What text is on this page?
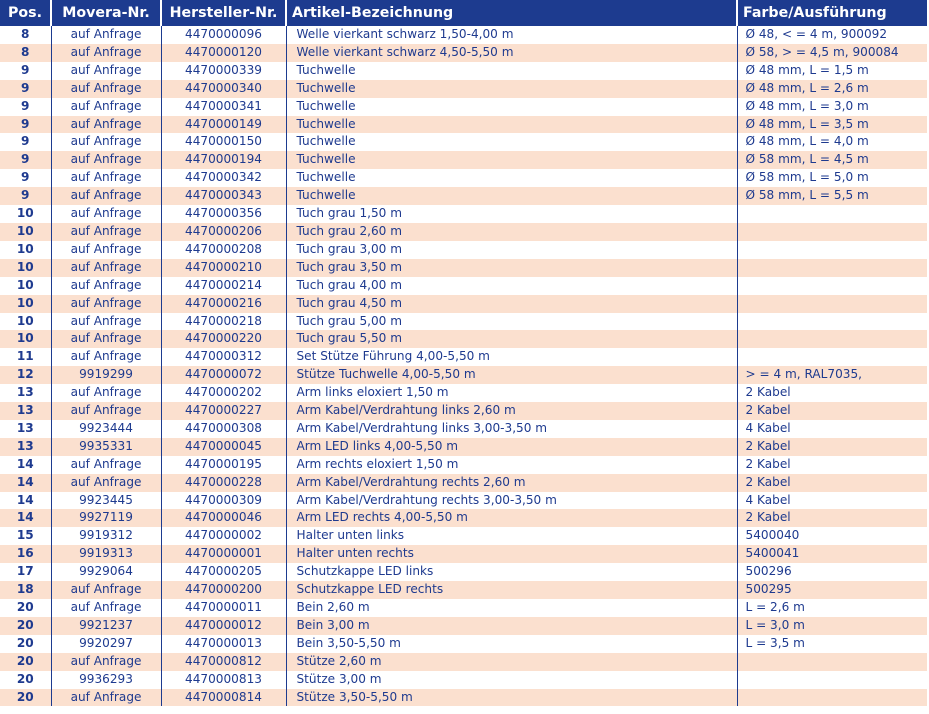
Pos.	Movera-Nr.	Hersteller-Nr.	Artikel-Bezeichnung	Farbe/Ausführung
8	auf Anfrage	4470000096	Welle vierkant schwarz 1,50-4,00 m	Ø 48, < = 4 m, 900092
8	auf Anfrage	4470000120	Welle vierkant schwarz 4,50-5,50 m	Ø 58, > = 4,5 m, 900084
9	auf Anfrage	4470000339	Tuchwelle	Ø 48 mm, L = 1,5 m
9	auf Anfrage	4470000340	Tuchwelle	Ø 48 mm, L = 2,6 m
9	auf Anfrage	4470000341	Tuchwelle	Ø 48 mm, L = 3,0 m
9	auf Anfrage	4470000149	Tuchwelle	Ø 48 mm, L = 3,5 m
9	auf Anfrage	4470000150	Tuchwelle	Ø 48 mm, L = 4,0 m
9	auf Anfrage	4470000194	Tuchwelle	Ø 58 mm, L = 4,5 m
9	auf Anfrage	4470000342	Tuchwelle	Ø 58 mm, L = 5,0 m
9	auf Anfrage	4470000343	Tuchwelle	Ø 58 mm, L = 5,5 m
10	auf Anfrage	4470000356	Tuch grau 1,50 m	
10	auf Anfrage	4470000206	Tuch grau 2,60 m	
10	auf Anfrage	4470000208	Tuch grau 3,00 m	
10	auf Anfrage	4470000210	Tuch grau 3,50 m	
10	auf Anfrage	4470000214	Tuch grau 4,00 m	
10	auf Anfrage	4470000216	Tuch grau 4,50 m	
10	auf Anfrage	4470000218	Tuch grau 5,00 m	
10	auf Anfrage	4470000220	Tuch grau 5,50 m	
11	auf Anfrage	4470000312	Set Stütze Führung 4,00-5,50 m	
12	9919299	4470000072	Stütze Tuchwelle 4,00-5,50 m	> = 4 m, RAL7035,
13	auf Anfrage	4470000202	Arm links eloxiert 1,50 m	2 Kabel
13	auf Anfrage	4470000227	Arm Kabel/Verdrahtung links 2,60 m	2 Kabel
13	9923444	4470000308	Arm Kabel/Verdrahtung links 3,00-3,50 m	4 Kabel
13	9935331	4470000045	Arm LED links 4,00-5,50 m	2 Kabel
14	auf Anfrage	4470000195	Arm rechts eloxiert 1,50 m	2 Kabel
14	auf Anfrage	4470000228	Arm Kabel/Verdrahtung rechts 2,60 m	2 Kabel
14	9923445	4470000309	Arm Kabel/Verdrahtung rechts 3,00-3,50 m	4 Kabel
14	9927119	4470000046	Arm LED rechts 4,00-5,50 m	2 Kabel
15	9919312	4470000002	Halter unten links	5400040
16	9919313	4470000001	Halter unten rechts	5400041
17	9929064	4470000205	Schutzkappe LED links	500296
18	auf Anfrage	4470000200	Schutzkappe LED rechts	500295
20	auf Anfrage	4470000011	Bein 2,60 m	L = 2,6 m
20	9921237	4470000012	Bein 3,00 m	L = 3,0 m
20	9920297	4470000013	Bein 3,50-5,50 m	L = 3,5 m
20	auf Anfrage	4470000812	Stütze 2,60 m	
20	9936293	4470000813	Stütze 3,00 m	
20	auf Anfrage	4470000814	Stütze 3,50-5,50 m	
